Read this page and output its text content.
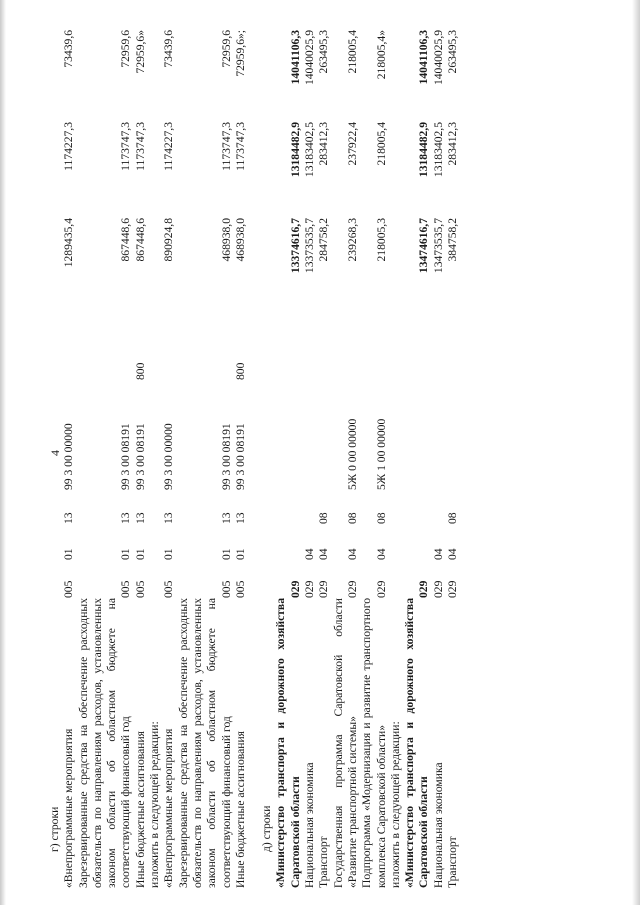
4
г) строки								
«Внепрограммные мероприятия	005	01	13	99 3 00 00000		1289435,4	1174227,3	73439,6
Зарезервированные средства на обеспечение расходных обязательств по направлениям расходов, установленных законом области об областном бюджете на соответствующий финансовый год	005	01	13	99 3 00 08191		867448,6	1173747,3	72959,6
Иные бюджетные ассигнования	005	01	13	99 3 00 08191	800	867448,6	1173747,3	72959,6»
изложить в следующей редакции:								
«Внепрограммные мероприятия	005	01	13	99 3 00 00000		890924,8	1174227,3	73439,6
Зарезервированные средства на обеспечение расходных обязательств по направлениям расходов, установленных законом области об областном бюджете на соответствующий финансовый год	005	01	13	99 3 00 08191		468938,0	1173747,3	72959,6
Иные бюджетные ассигнования	005	01	13	99 3 00 08191	800	468938,0	1173747,3	72959,6»;

д) строки								
«Министерство транспорта и дорожного хозяйства Саратовской области	029					13374616,7	13184482,9	14041106,3
Национальная экономика	029	04				13373535,7	13183402,5	14040025,9
Транспорт	029	04	08			284758,2	283412,3	263495,3
Государственная программа Саратовской области «Развитие транспортной системы»	029	04	08	5Ж 0 00 00000		239268,3	237922,4	218005,4
Подпрограмма «Модернизация и развитие транспортного комплекса Саратовской области»	029	04	08	5Ж 1 00 00000		218005,3	218005,4	218005,4»
изложить в следующей редакции:								
«Министерство транспорта и дорожного хозяйства Саратовской области	029					13474616,7	13184482,9	14041106,3
Национальная экономика	029	04				13473535,7	13183402,5	14040025,9
Транспорт	029	04	08			384758,2	283412,3	263495,3
